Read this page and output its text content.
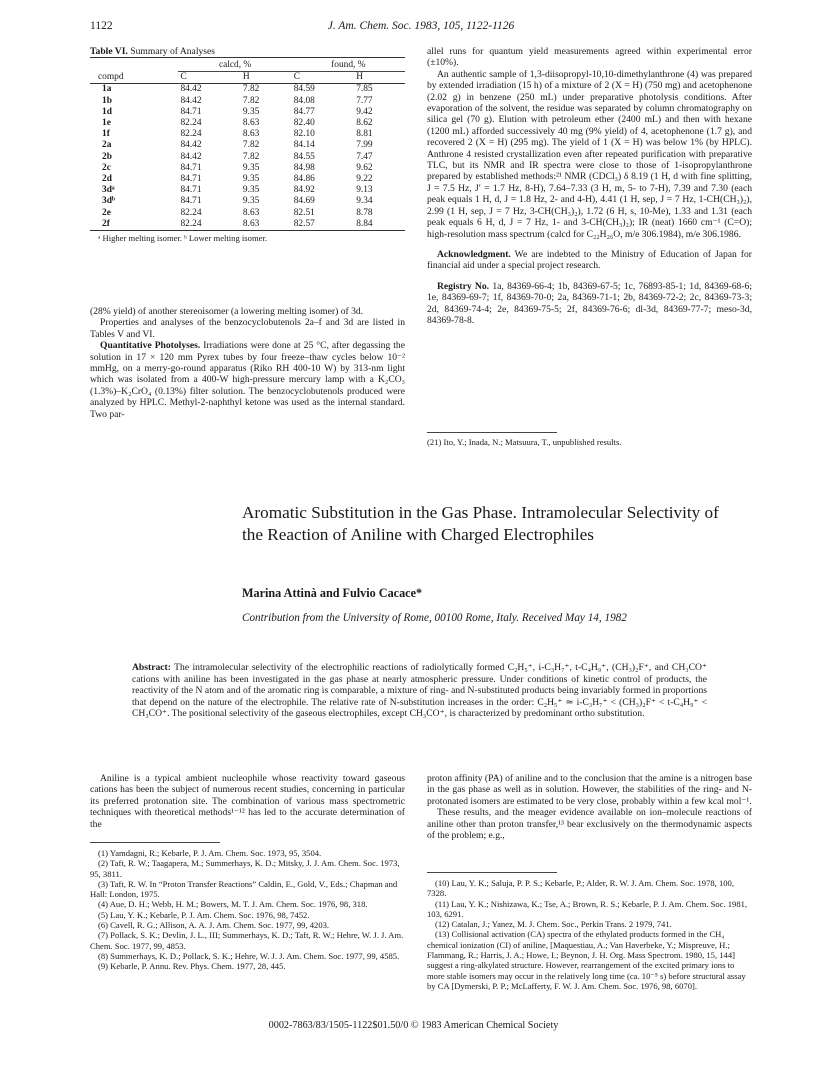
1122	J. Am. Chem. Soc. 1983, 105, 1122-1126
Table VI. Summary of Analyses
	calcd, %		found, %	
compd	C	H	C	H
1a	84.42	7.82	84.59	7.85
1b	84.42	7.82	84.08	7.77
1d	84.71	9.35	84.77	9.42
1e	82.24	8.63	82.40	8.62
1f	82.24	8.63	82.10	8.81
2a	84.42	7.82	84.14	7.99
2b	84.42	7.82	84.55	7.47
2c	84.71	9.35	84.98	9.62
2d	84.71	9.35	84.86	9.22
3dᵃ	84.71	9.35	84.92	9.13
3dᵇ	84.71	9.35	84.69	9.34
2e	82.24	8.63	82.51	8.78
2f	82.24	8.63	82.57	8.84
ᵃ Higher melting isomer. ᵇ Lower melting isomer.

(28% yield) of another stereoisomer (a lowering melting isomer) of 3d.

Properties and analyses of the benzocyclobutenols 2a–f and 3d are listed in Tables V and VI.

Quantitative Photolyses. Irradiations were done at 25 °C, after degassing the solution in 17 × 120 mm Pyrex tubes by four freeze–thaw cycles below 10⁻² mmHg, on a merry-go-round apparatus (Riko RH 400-10 W) by 313-nm light which was isolated from a 400-W high-pressure mercury lamp with a K₂CO₃ (1.3%)–K₂CrO₄ (0.13%) filter solution. The benzocyclobutenols produced were analyzed by HPLC. Methyl-2-naphthyl ketone was used as the internal standard. Two par-

allel runs for quantum yield measurements agreed within experimental error (±10%).

An authentic sample of 1,3-diisopropyl-10,10-dimethylanthrone (4) was prepared by extended irradiation (15 h) of a mixture of 2 (X = H) (750 mg) and acetophenone (2.02 g) in benzene (250 mL) under preparative photolysis conditions. After evaporation of the solvent, the residue was separated by column chromatography on silica gel (70 g). Elution with petroleum ether (2400 mL) and then with hexane (1200 mL) afforded successively 40 mg (9% yield) of 4, acetophenone (1.7 g), and recovered 2 (X = H) (295 mg). The yield of 1 (X = H) was below 1% (by HPLC). Anthrone 4 resisted crystallization even after repeated purification with preparative TLC, but its NMR and IR spectra were close to those of 1-isopropylanthrone prepared by established methods:²¹ NMR (CDCl₃) δ 8.19 (1 H, d with fine splitting, J = 7.5 Hz, J′ = 1.7 Hz, 8-H), 7.64–7.33 (3 H, m, 5- to 7-H), 7.39 and 7.30 (each peak equals 1 H, d, J = 1.8 Hz, 2- and 4-H), 4.41 (1 H, sep, J = 7 Hz, 1-CH(CH₃)₂), 2.99 (1 H, sep, J = 7 Hz, 3-CH(CH₃)₂), 1.72 (6 H, s, 10-Me), 1.33 and 1.31 (each peak equals 6 H, d, J = 7 Hz, 1- and 3-CH(CH₃)₂); IR (neat) 1660 cm⁻¹ (C=O); high-resolution mass spectrum (calcd for C₂₂H₂₆O, m/e 306.1984), m/e 306.1986.

Acknowledgment. We are indebted to the Ministry of Education of Japan for financial aid under a special project research.

Registry No. 1a, 84369-66-4; 1b, 84369-67-5; 1c, 76893-85-1; 1d, 84369-68-6; 1e, 84369-69-7; 1f, 84369-70-0; 2a, 84369-71-1; 2b, 84369-72-2; 2c, 84369-73-3; 2d, 84369-74-4; 2e, 84369-75-5; 2f, 84369-76-6; dl-3d, 84369-77-7; meso-3d, 84369-78-8.

(21) Ito, Y.; Inada, N.; Matsuura, T., unpublished results.
Aromatic Substitution in the Gas Phase. Intramolecular Selectivity of the Reaction of Aniline with Charged Electrophiles
Marina Attinà and Fulvio Cacace*
Contribution from the University of Rome, 00100 Rome, Italy. Received May 14, 1982
Abstract: The intramolecular selectivity of the electrophilic reactions of radiolytically formed C₂H₅⁺, i-C₃H₇⁺, t-C₄H₉⁺, (CH₃)₂F⁺, and CH₃CO⁺ cations with aniline has been investigated in the gas phase at nearly atmospheric pressure. Under conditions of kinetic control of products, the reactivity of the N atom and of the aromatic ring is comparable, a mixture of ring- and N-substituted products being invariably formed in proportions that depend on the nature of the electrophile. The relative rate of N-substitution increases in the order: C₂H₅⁺ ≃ i-C₃H₇⁺ < (CH₃)₂F⁺ < t-C₄H₉⁺ < CH₃CO⁺. The positional selectivity of the gaseous electrophiles, except CH₃CO⁺, is characterized by predominant ortho substitution.

Aniline is a typical ambient nucleophile whose reactivity toward gaseous cations has been the subject of numerous recent studies, concerning in particular its preferred protonation site. The combination of various mass spectrometric techniques with theoretical methods¹⁻¹² has led to the accurate determination of the

proton affinity (PA) of aniline and to the conclusion that the amine is a nitrogen base in the gas phase as well as in solution. However, the stabilities of the ring- and N-protonated isomers are estimated to be very close, probably within a few kcal mol⁻¹.

These results, and the meager evidence available on ion–molecule reactions of aniline other than proton transfer,¹³ bear exclusively on the thermodynamic aspects of the problem; e.g.,

(1) Yamdagni, R.; Kebarle, P. J. Am. Chem. Soc. 1973, 95, 3504.
(2) Taft, R. W.; Taagapera, M.; Summerhays, K. D.; Mitsky, J. J. Am. Chem. Soc. 1973, 95, 3811.
(3) Taft, R. W. In “Proton Transfer Reactions” Caldin, E., Gold, V., Eds.; Chapman and Hall: London, 1975.
(4) Aue, D. H.; Webb, H. M.; Bowers, M. T. J. Am. Chem. Soc. 1976, 98, 318.
(5) Lau, Y. K.; Kebarle, P. J. Am. Chem. Soc. 1976, 98, 7452.
(6) Cavell, R. G.; Allison, A. A. J. Am. Chem. Soc. 1977, 99, 4203.
(7) Pollack, S. K.; Devlin, J. L., III; Summerhays, K. D.; Taft, R. W.; Hehre, W. J. J. Am. Chem. Soc. 1977, 99, 4853.
(8) Summerhays, K. D.; Pollack, S. K.; Hehre, W. J. J. Am. Chem. Soc. 1977, 99, 4585.
(9) Kebarle, P. Annu. Rev. Phys. Chem. 1977, 28, 445.
(10) Lau, Y. K.; Saluja, P. P. S.; Kebarle, P.; Alder, R. W. J. Am. Chem. Soc. 1978, 100, 7328.
(11) Lau, Y. K.; Nishizawa, K.; Tse, A.; Brown, R. S.; Kebarle, P. J. Am. Chem. Soc. 1981, 103, 6291.
(12) Catalan, J.; Yanez, M. J. Chem. Soc., Perkin Trans. 2 1979, 741.
(13) Collisional activation (CA) spectra of the ethylated products formed in the CH₄ chemical ionization (CI) of aniline, [Maquestiau, A.; Van Haverbeke, Y.; Mispreuve, H.; Flammang, R.; Harris, J. A.; Howe, I.; Beynon, J. H. Org. Mass Spectrom. 1980, 15, 144] suggest a ring-alkylated structure. However, rearrangement of the excited primary ions to more stable isomers may occur in the relatively long time (ca. 10⁻⁵ s) before structural assay by CA [Dymerski, P. P.; McLafferty, F. W. J. Am. Chem. Soc. 1976, 98, 6070].
0002-7863/83/1505-1122$01.50/0 © 1983 American Chemical Society
